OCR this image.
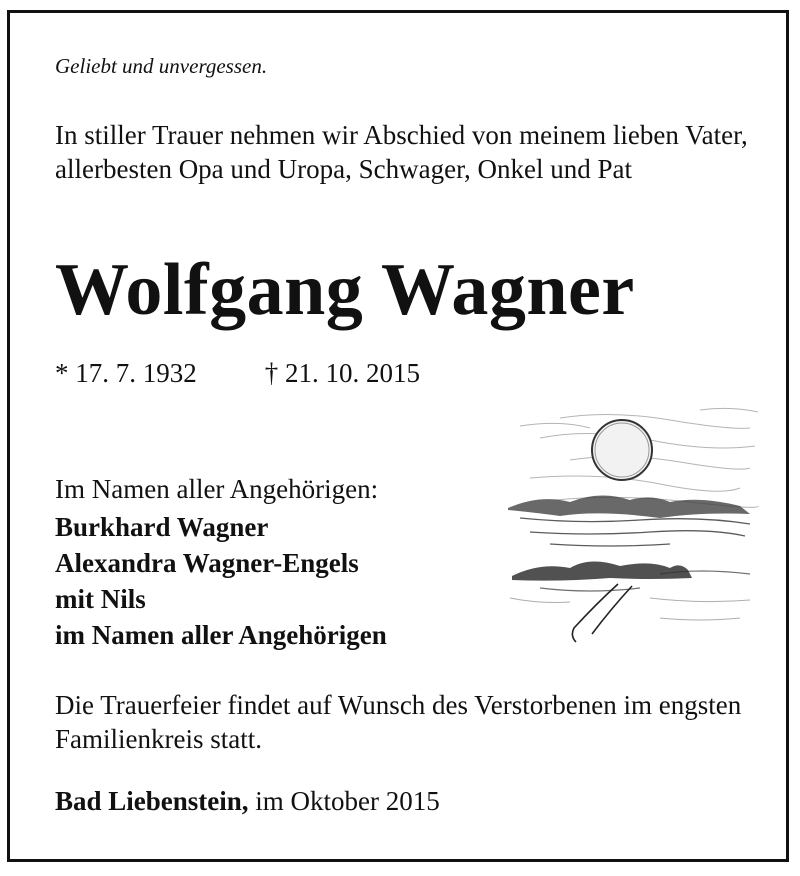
Geliebt und unvergessen.
In stiller Trauer nehmen wir Abschied von meinem lieben Vater, allerbesten Opa und Uropa, Schwager, Onkel und Pat
Wolfgang Wagner
* 17. 7. 1932	† 21. 10. 2015
Im Namen aller Angehörigen:
Burkhard Wagner
Alexandra Wagner-Engels
mit Nils
im Namen aller Angehörigen
Die Trauerfeier findet auf Wunsch des Verstorbenen im engsten Familienkreis statt.
Bad Liebenstein, im Oktober 2015
